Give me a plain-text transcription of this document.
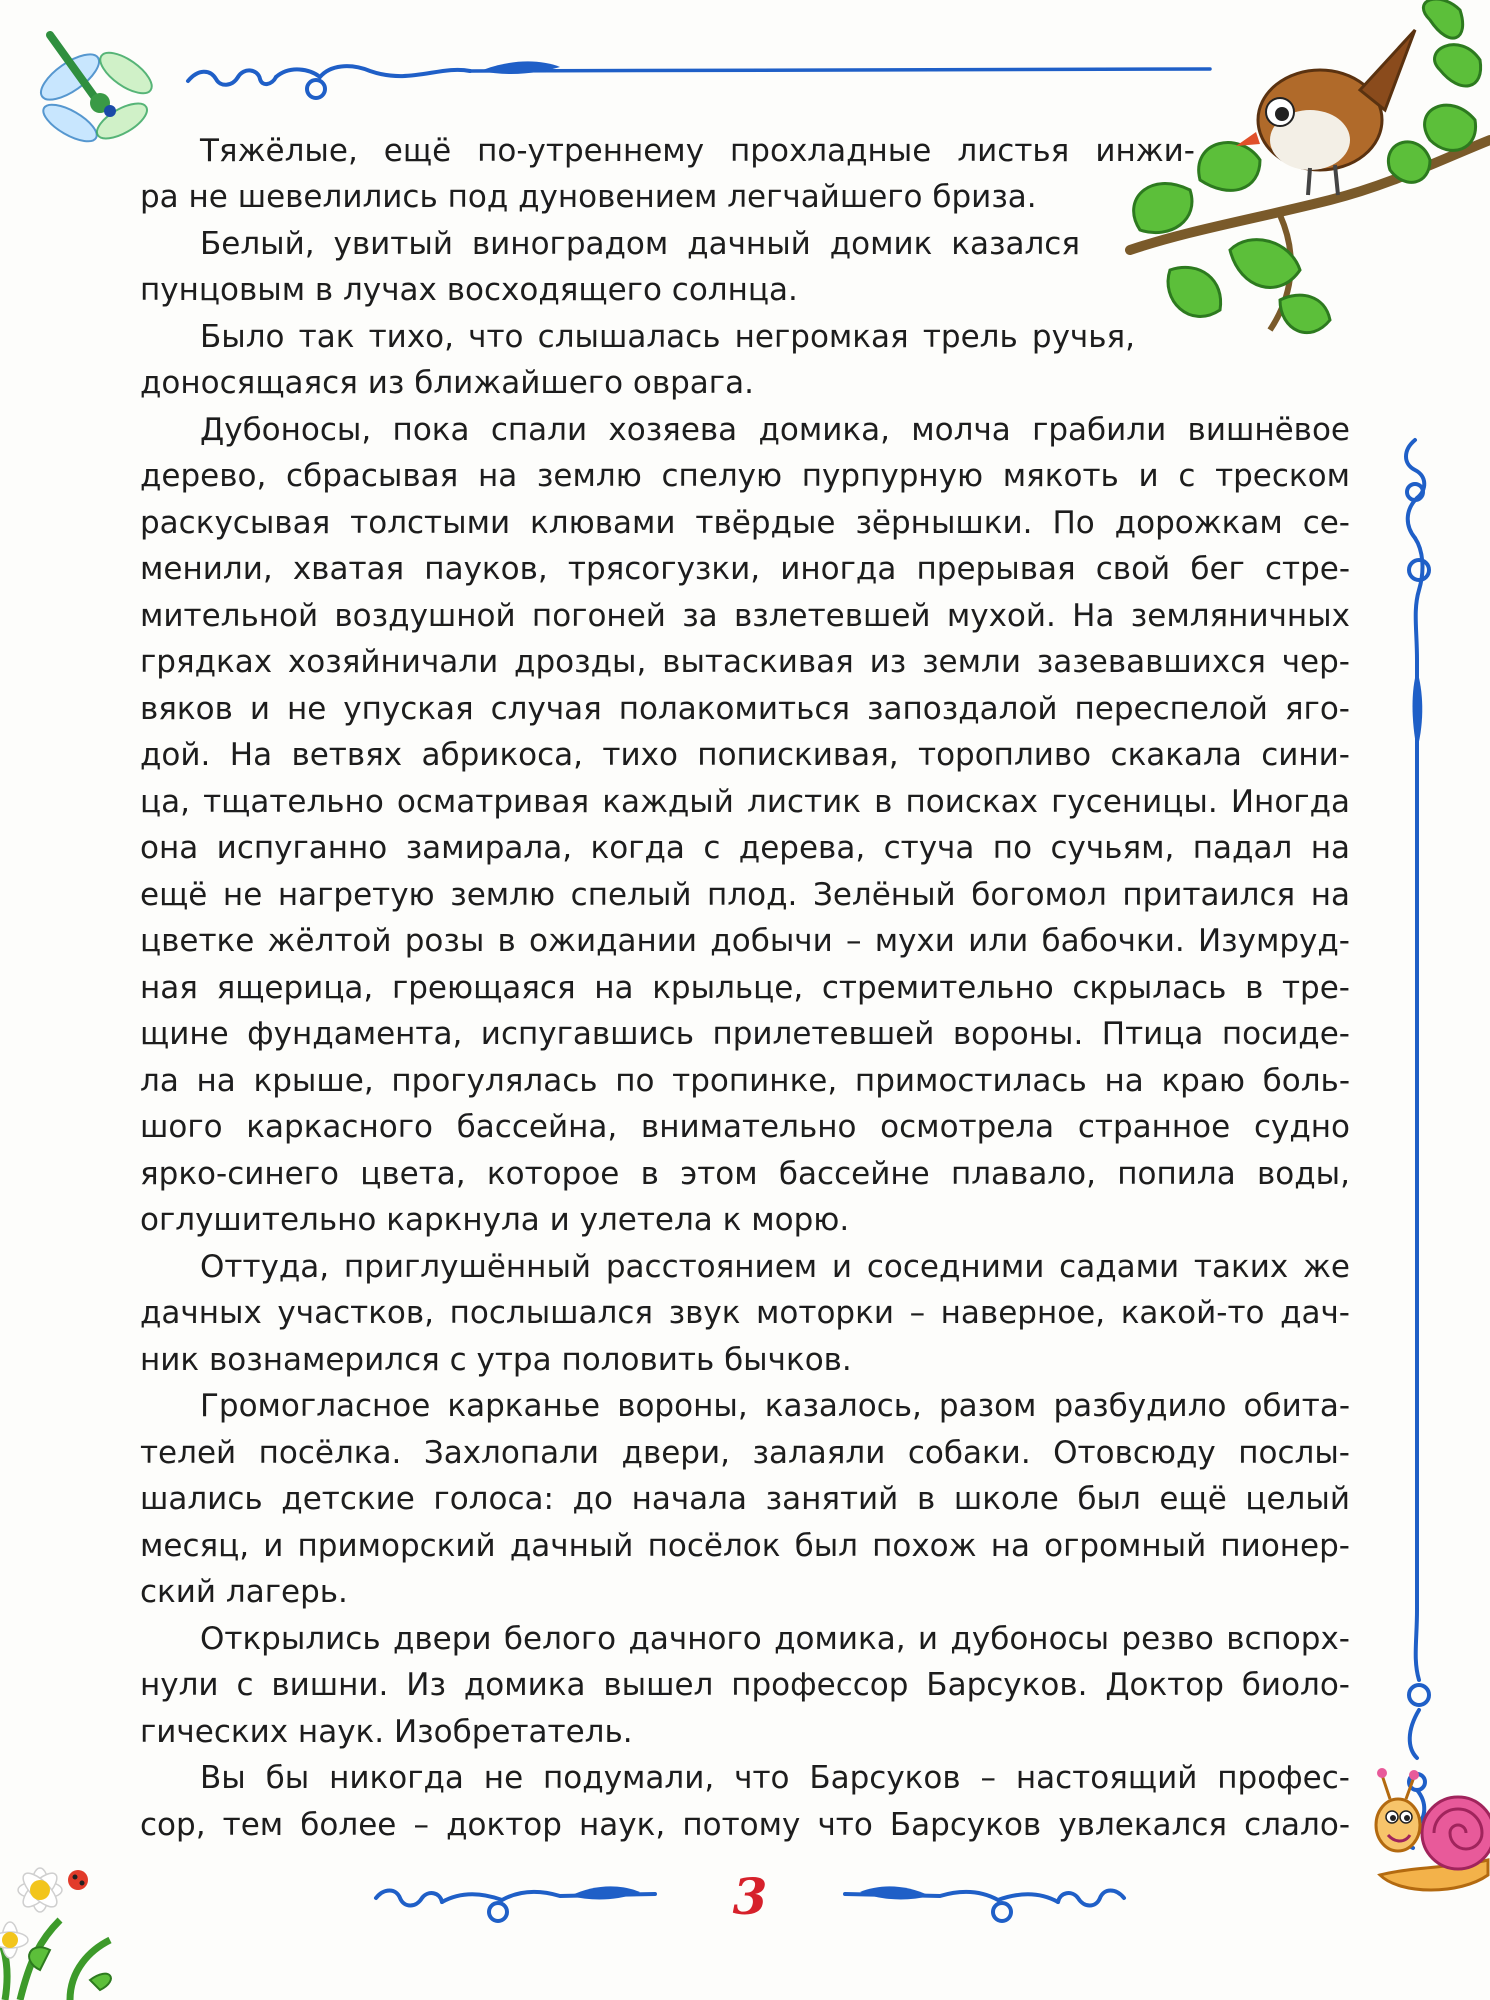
3
Тяжёлые, ещё по-утреннему прохладные листья инжи-
ра не шевелились под дуновением легчайшего бриза.
Белый, увитый виноградом дачный домик казался
пунцовым в лучах восходящего солнца.
Было так тихо, что слышалась негромкая трель ручья,
доносящаяся из ближайшего оврага.
Дубоносы, пока спали хозяева домика, молча грабили вишнёвое
дерево, сбрасывая на землю спелую пурпурную мякоть и с треском
раскусывая толстыми клювами твёрдые зёрнышки. По дорожкам се-
менили, хватая пауков, трясогузки, иногда прерывая свой бег стре-
мительной воздушной погоней за взлетевшей мухой. На земляничных
грядках хозяйничали дрозды, вытаскивая из земли зазевавшихся чер-
вяков и не упуская случая полакомиться запоздалой переспелой яго-
дой. На ветвях абрикоса, тихо попискивая, торопливо скакала сини-
ца, тщательно осматривая каждый листик в поисках гусеницы. Иногда
она испуганно замирала, когда с дерева, стуча по сучьям, падал на
ещё не нагретую землю спелый плод. Зелёный богомол притаился на
цветке жёлтой розы в ожидании добычи – мухи или бабочки. Изумруд-
ная ящерица, греющаяся на крыльце, стремительно скрылась в тре-
щине фундамента, испугавшись прилетевшей вороны. Птица посиде-
ла на крыше, прогулялась по тропинке, примостилась на краю боль-
шого каркасного бассейна, внимательно осмотрела странное судно
ярко-синего цвета, которое в этом бассейне плавало, попила воды,
оглушительно каркнула и улетела к морю.
Оттуда, приглушённый расстоянием и соседними садами таких же
дачных участков, послышался звук моторки – наверное, какой-то дач-
ник вознамерился с утра половить бычков.
Громогласное карканье вороны, казалось, разом разбудило обита-
телей посёлка. Захлопали двери, залаяли собаки. Отовсюду послы-
шались детские голоса: до начала занятий в школе был ещё целый
месяц, и приморский дачный посёлок был похож на огромный пионер-
ский лагерь.
Открылись двери белого дачного домика, и дубоносы резво вспорх-
нули с вишни. Из домика вышел профессор Барсуков. Доктор биоло-
гических наук. Изобретатель.
Вы бы никогда не подумали, что Барсуков – настоящий профес-
сор, тем более – доктор наук, потому что Барсуков увлекался слало-
